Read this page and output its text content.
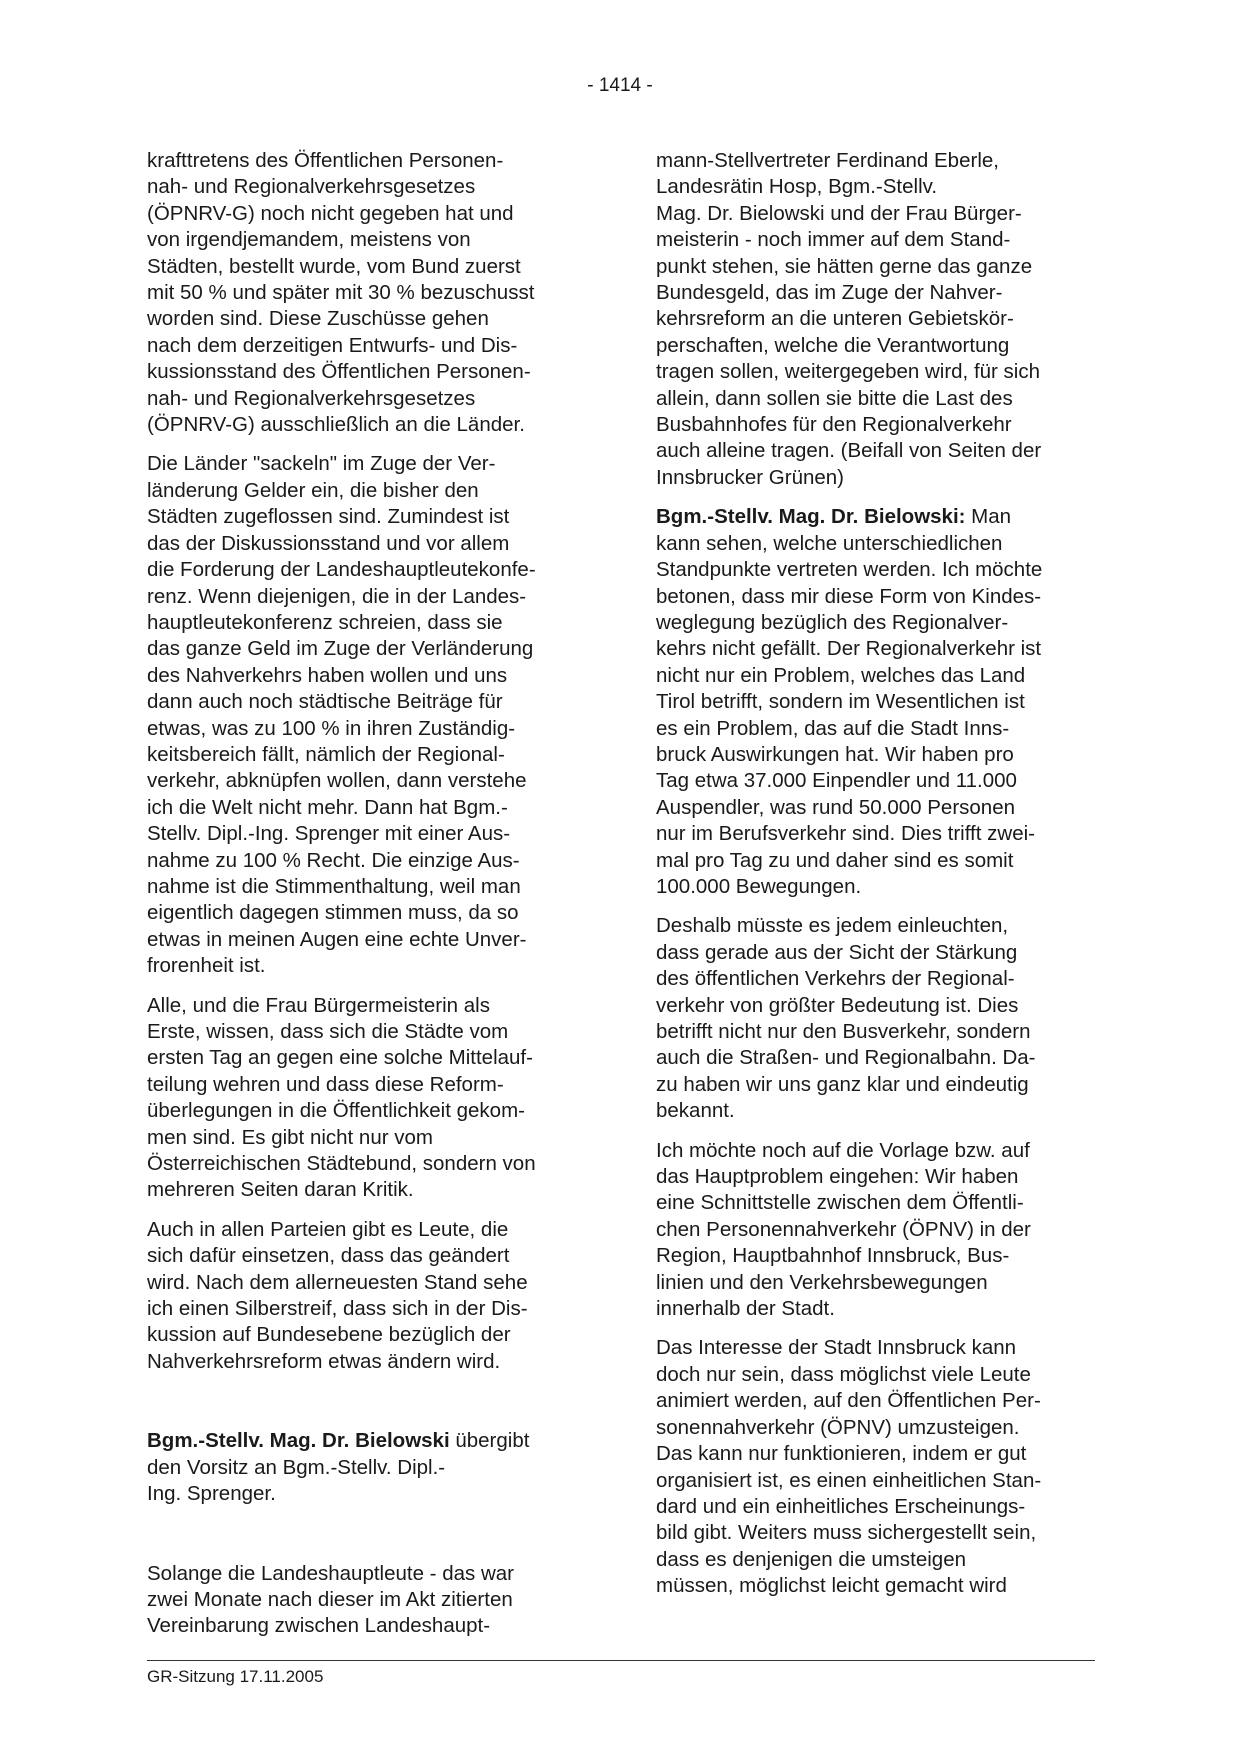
- 1414 -
krafttretens des Öffentlichen Personen-
nah- und Regionalverkehrsgesetzes
(ÖPNRV-G) noch nicht gegeben hat und
von irgendjemandem, meistens von
Städten, bestellt wurde, vom Bund zuerst
mit 50 % und später mit 30 % bezuschusst
worden sind. Diese Zuschüsse gehen
nach dem derzeitigen Entwurfs- und Dis-
kussionsstand des Öffentlichen Personen-
nah- und Regionalverkehrsgesetzes
(ÖPNRV-G) ausschließlich an die Länder.
Die Länder "sackeln" im Zuge der Ver-
länderung Gelder ein, die bisher den
Städten zugeflossen sind. Zumindest ist
das der Diskussionsstand und vor allem
die Forderung der Landeshauptleutekonfe-
renz. Wenn diejenigen, die in der Landes-
hauptleutekonferenz schreien, dass sie
das ganze Geld im Zuge der Verländerung
des Nahverkehrs haben wollen und uns
dann auch noch städtische Beiträge für
etwas, was zu 100 % in ihren Zuständig-
keitsbereich fällt, nämlich der Regional-
verkehr, abknüpfen wollen, dann verstehe
ich die Welt nicht mehr. Dann hat Bgm.-
Stellv. Dipl.-Ing. Sprenger mit einer Aus-
nahme zu 100 % Recht. Die einzige Aus-
nahme ist die Stimmenthaltung, weil man
eigentlich dagegen stimmen muss, da so
etwas in meinen Augen eine echte Unver-
frorenheit ist.
Alle, und die Frau Bürgermeisterin als
Erste, wissen, dass sich die Städte vom
ersten Tag an gegen eine solche Mittelauf-
teilung wehren und dass diese Reform-
überlegungen in die Öffentlichkeit gekom-
men sind. Es gibt nicht nur vom
Österreichischen Städtebund, sondern von
mehreren Seiten daran Kritik.
Auch in allen Parteien gibt es Leute, die
sich dafür einsetzen, dass das geändert
wird. Nach dem allerneuesten Stand sehe
ich einen Silberstreif, dass sich in der Dis-
kussion auf Bundesebene bezüglich der
Nahverkehrsreform etwas ändern wird.
Bgm.-Stellv. Mag. Dr. Bielowski übergibt
den Vorsitz an Bgm.-Stellv. Dipl.-
Ing. Sprenger.
Solange die Landeshauptleute - das war
zwei Monate nach dieser im Akt zitierten
Vereinbarung zwischen Landeshaupt-
mann-Stellvertreter Ferdinand Eberle,
Landesrätin Hosp, Bgm.-Stellv.
Mag. Dr. Bielowski und der Frau Bürger-
meisterin - noch immer auf dem Stand-
punkt stehen, sie hätten gerne das ganze
Bundesgeld, das im Zuge der Nahver-
kehrsreform an die unteren Gebietskör-
perschaften, welche die Verantwortung
tragen sollen, weitergegeben wird, für sich
allein, dann sollen sie bitte die Last des
Busbahnhofes für den Regionalverkehr
auch alleine tragen. (Beifall von Seiten der
Innsbrucker Grünen)
Bgm.-Stellv. Mag. Dr. Bielowski: Man
kann sehen, welche unterschiedlichen
Standpunkte vertreten werden. Ich möchte
betonen, dass mir diese Form von Kindes-
weglegung bezüglich des Regionalver-
kehrs nicht gefällt. Der Regionalverkehr ist
nicht nur ein Problem, welches das Land
Tirol betrifft, sondern im Wesentlichen ist
es ein Problem, das auf die Stadt Inns-
bruck Auswirkungen hat. Wir haben pro
Tag etwa 37.000 Einpendler und 11.000
Auspendler, was rund 50.000 Personen
nur im Berufsverkehr sind. Dies trifft zwei-
mal pro Tag zu und daher sind es somit
100.000 Bewegungen.
Deshalb müsste es jedem einleuchten,
dass gerade aus der Sicht der Stärkung
des öffentlichen Verkehrs der Regional-
verkehr von größter Bedeutung ist. Dies
betrifft nicht nur den Busverkehr, sondern
auch die Straßen- und Regionalbahn. Da-
zu haben wir uns ganz klar und eindeutig
bekannt.
Ich möchte noch auf die Vorlage bzw. auf
das Hauptproblem eingehen: Wir haben
eine Schnittstelle zwischen dem Öffentli-
chen Personennahverkehr (ÖPNV) in der
Region, Hauptbahnhof Innsbruck, Bus-
linien und den Verkehrsbewegungen
innerhalb der Stadt.
Das Interesse der Stadt Innsbruck kann
doch nur sein, dass möglichst viele Leute
animiert werden, auf den Öffentlichen Per-
sonennahverkehr (ÖPNV) umzusteigen.
Das kann nur funktionieren, indem er gut
organisiert ist, es einen einheitlichen Stan-
dard und ein einheitliches Erscheinungs-
bild gibt. Weiters muss sichergestellt sein,
dass es denjenigen die umsteigen
müssen, möglichst leicht gemacht wird
GR-Sitzung 17.11.2005
